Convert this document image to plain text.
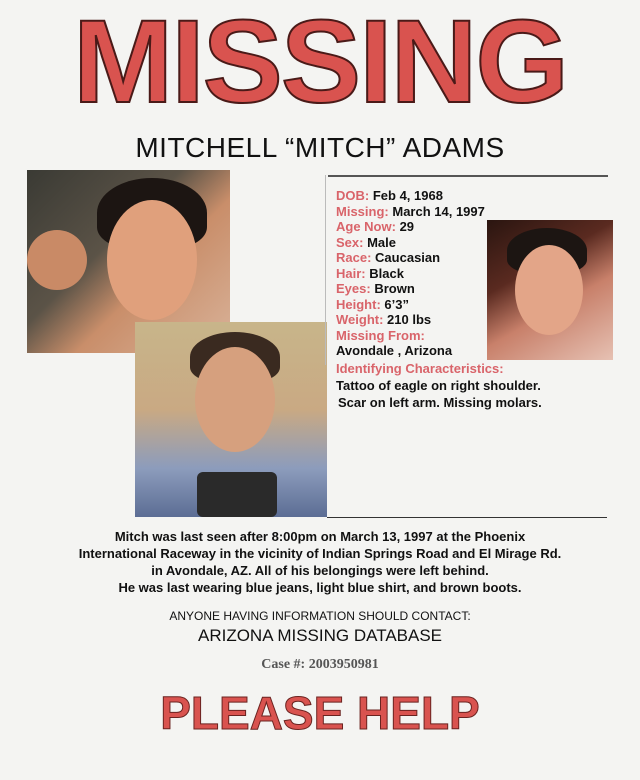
MISSING
MITCHELL “MITCH” ADAMS
DOB: Feb 4, 1968
Missing: March 14, 1997
Age Now: 29
Sex: Male
Race: Caucasian
Hair: Black
Eyes: Brown
Height: 6’3”
Weight: 210 lbs
Missing From:
Avondale , Arizona
Identifying Characteristics:
Tattoo of eagle on right shoulder.
Scar on left arm. Missing molars.
Mitch was last seen after 8:00pm on March 13, 1997 at the Phoenix
International Raceway in the vicinity of Indian Springs Road and El Mirage Rd.
in Avondale, AZ. All of his belongings were left behind.
He was last wearing blue jeans, light blue shirt, and brown boots.
ANYONE HAVING INFORMATION SHOULD CONTACT:
ARIZONA MISSING DATABASE
Case #: 2003950981
PLEASE HELP
